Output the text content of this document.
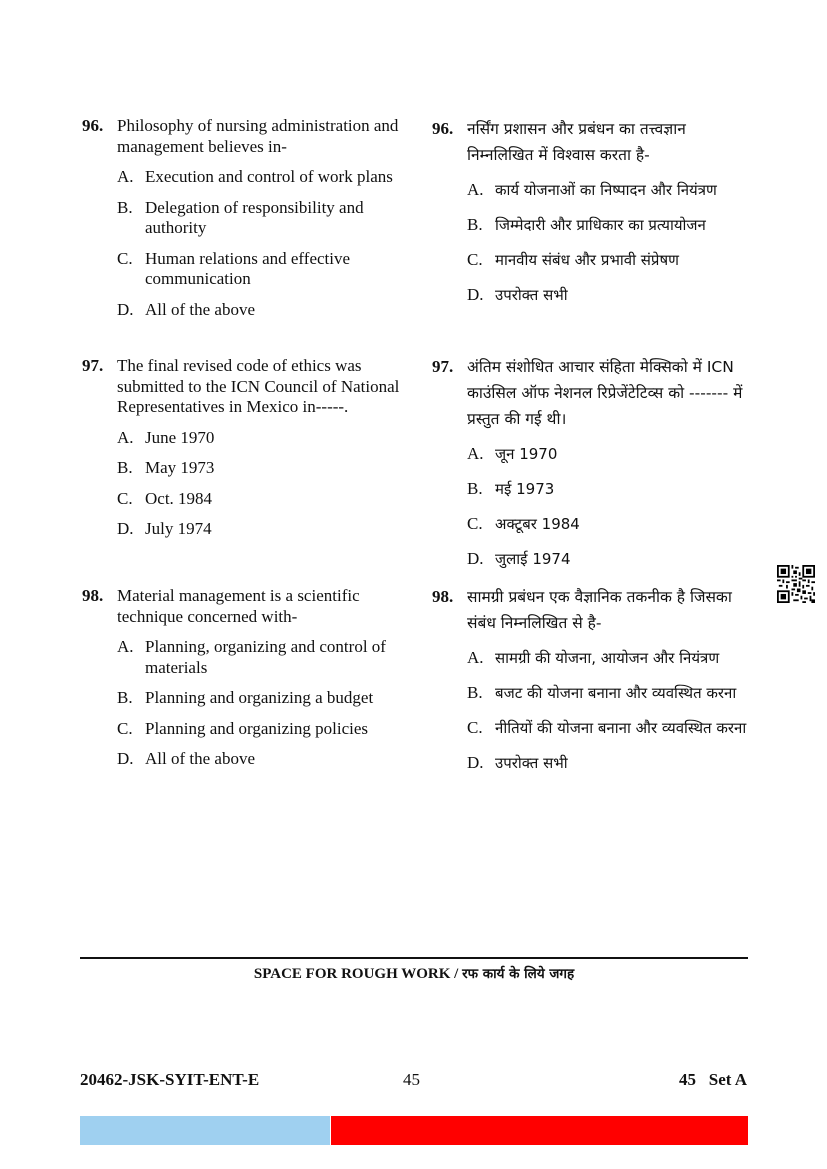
96. Philosophy of nursing administration and management believes in-
A. Execution and control of work plans
B. Delegation of responsibility and authority
C. Human relations and effective communication
D. All of the above
97. The final revised code of ethics was submitted to the ICN Council of National Representatives in Mexico in-----.
A. June 1970
B. May 1973
C. Oct. 1984
D. July 1974
98. Material management is a scientific technique concerned with-
A. Planning, organizing and control of materials
B. Planning and organizing a budget
C. Planning and organizing policies
D. All of the above
96. नर्सिंग प्रशासन और प्रबंधन का तत्त्वज्ञान निम्नलिखित में विश्वास करता है-
A. कार्य योजनाओं का निष्पादन और नियंत्रण
B. जिम्मेदारी और प्राधिकार का प्रत्यायोजन
C. मानवीय संबंध और प्रभावी संप्रेषण
D. उपरोक्त सभी
97. अंतिम संशोधित आचार संहिता मेक्सिको में ICN काउंसिल ऑफ नेशनल रिप्रेजेंटेटिव्स को ------- में प्रस्तुत की गई थी।
A. जून 1970
B. मई 1973
C. अक्टूबर 1984
D. जुलाई 1974
98. सामग्री प्रबंधन एक वैज्ञानिक तकनीक है जिसका संबंध निम्नलिखित से है-
A. सामग्री की योजना, आयोजन और नियंत्रण
B. बजट की योजना बनाना और व्यवस्थित करना
C. नीतियों की योजना बनाना और व्यवस्थित करना
D. उपरोक्त सभी
SPACE FOR ROUGH WORK / रफ कार्य के लिये जगह
20462-JSK-SYIT-ENT-E	45	45   Set A
